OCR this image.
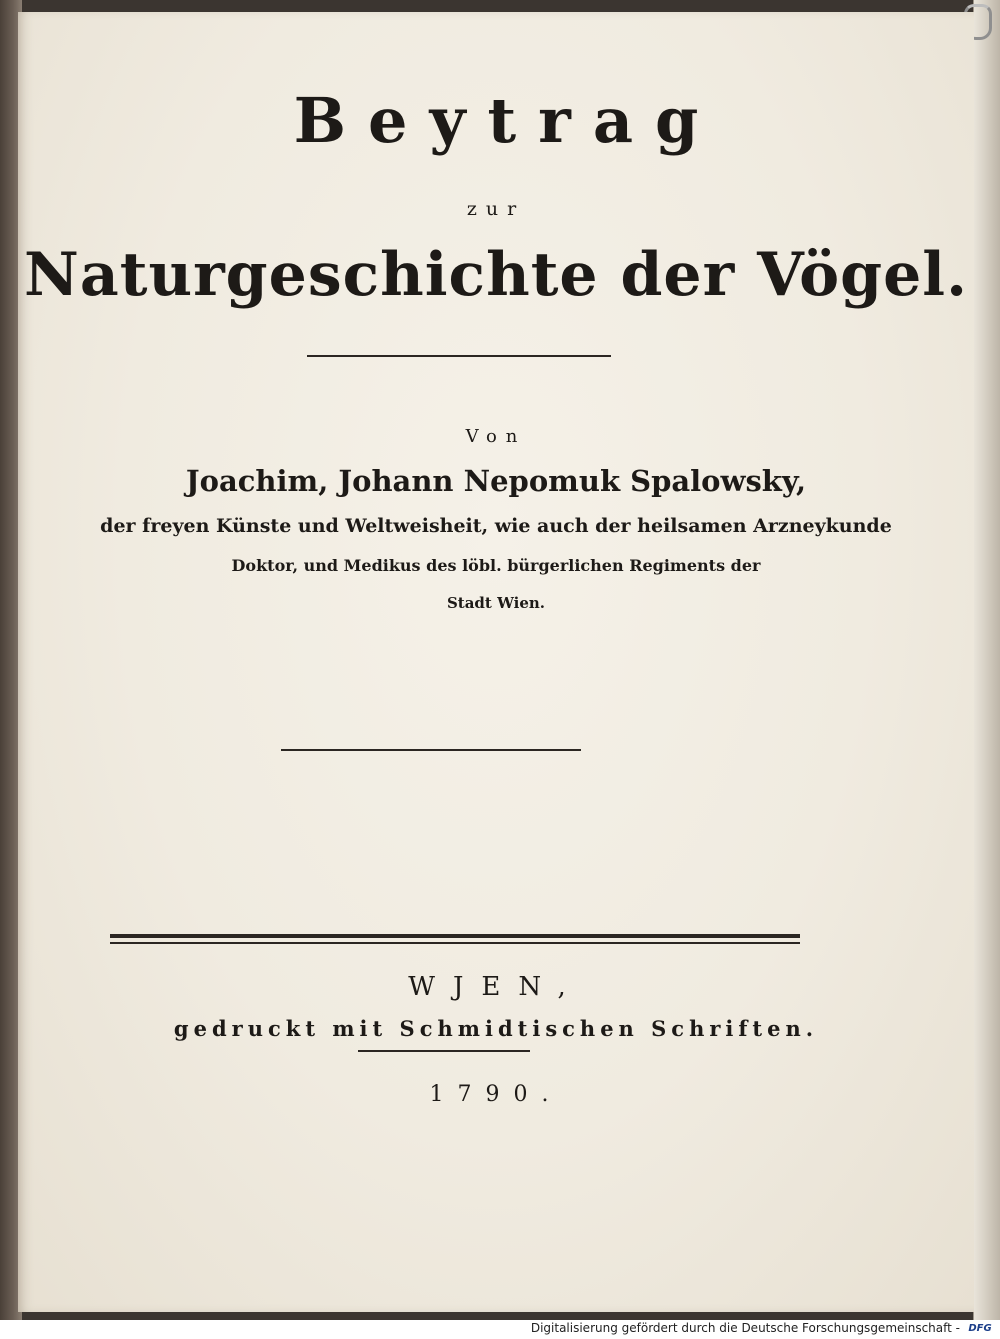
Beytrag
zur
Naturgeschichte der Vögel.
Von
Joachim, Johann Nepomuk Spalowsky,
der freyen Künste und Weltweisheit, wie auch der heilsamen Arzneykunde
Doktor, und Medikus des löbl. bürgerlichen Regiments der
Stadt Wien.
WJEN,
gedruckt mit Schmidtischen Schriften.
1790.
Digitalisierung gefördert durch die Deutsche Forschungsgemeinschaft - DFG
